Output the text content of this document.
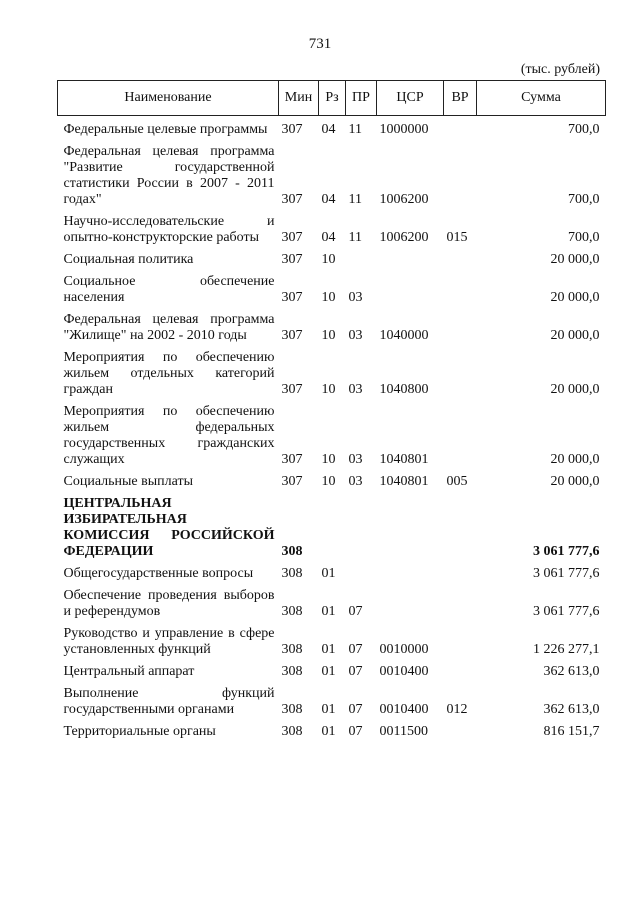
731
(тыс. рублей)
Наименование	Мин	Рз	ПР	ЦСР	ВР	Сумма
Федеральные целевые программы	307	04	11	1000000		700,0
Федеральная целевая программа "Развитие государственной статистики России в 2007 - 2011 годах"	307	04	11	1006200		700,0
Научно-исследовательские и опытно-конструкторские работы	307	04	11	1006200	015	700,0
Социальная политика	307	10				20 000,0
Социальное обеспечение населения	307	10	03			20 000,0
Федеральная целевая программа "Жилище" на 2002 - 2010 годы	307	10	03	1040000		20 000,0
Мероприятия по обеспечению жильем отдельных категорий граждан	307	10	03	1040800		20 000,0
Мероприятия по обеспечению жильем федеральных государственных гражданских служащих	307	10	03	1040801		20 000,0
Социальные выплаты	307	10	03	1040801	005	20 000,0
ЦЕНТРАЛЬНАЯ ИЗБИРАТЕЛЬНАЯ КОМИССИЯ РОССИЙСКОЙ ФЕДЕРАЦИИ	308					3 061 777,6
Общегосударственные вопросы	308	01				3 061 777,6
Обеспечение проведения выборов и референдумов	308	01	07			3 061 777,6
Руководство и управление в сфере установленных функций	308	01	07	0010000		1 226 277,1
Центральный аппарат	308	01	07	0010400		362 613,0
Выполнение функций государственными органами	308	01	07	0010400	012	362 613,0
Территориальные органы	308	01	07	0011500		816 151,7
